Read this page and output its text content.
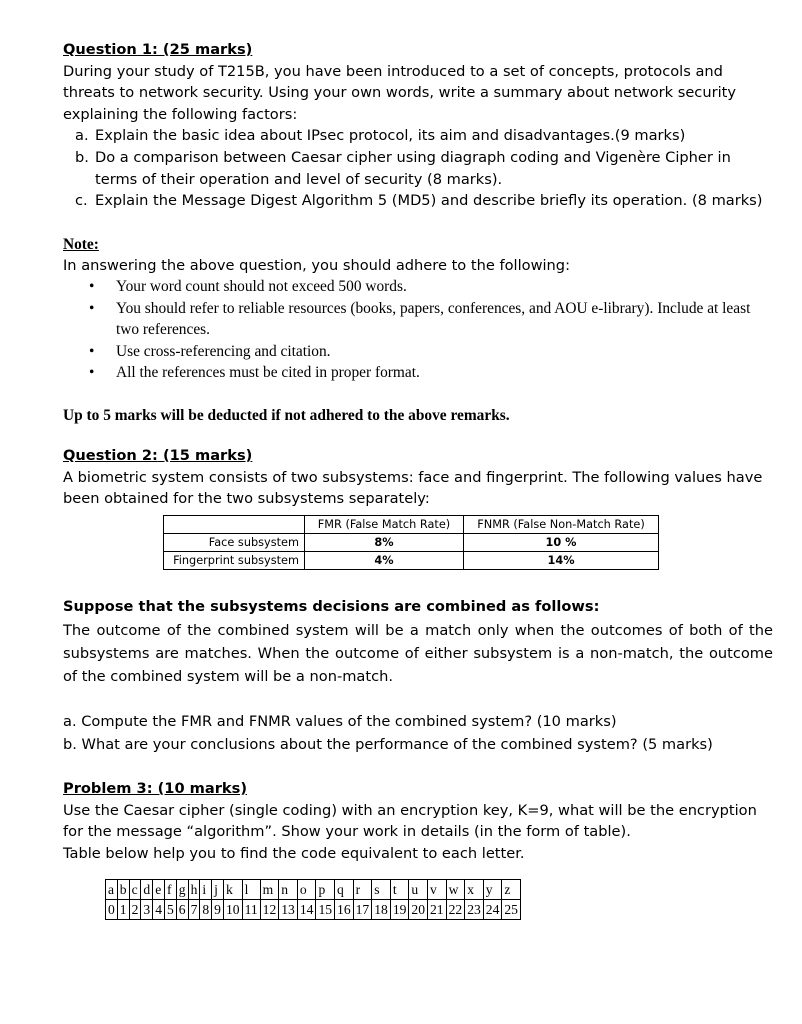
Question 1: (25 marks)

During your study of T215B, you have been introduced to a set of concepts, protocols and threats to network security. Using your own words, write a summary about network security explaining the following factors:

a. Explain the basic idea about IPsec protocol, its aim and disadvantages.(9 marks)
b. Do a comparison between Caesar cipher using diagraph coding and Vigenère Cipher in terms of their operation and level of security (8 marks).
c. Explain the Message Digest Algorithm 5 (MD5) and describe briefly its operation. (8 marks)
Note:
In answering the above question, you should adhere to the following:
• Your word count should not exceed 500 words.
• You should refer to reliable resources (books, papers, conferences, and AOU e-library). Include at least two references.
• Use cross-referencing and citation.
• All the references must be cited in proper format.
Up to 5 marks will be deducted if not adhered to the above remarks.

Question 2: (15 marks)

A biometric system consists of two subsystems: face and fingerprint. The following values have been obtained for the two subsystems separately:

	FMR (False Match Rate)	FNMR (False Non-Match Rate)
Face subsystem	8%	10 %
Fingerprint subsystem	4%	14%
Suppose that the subsystems decisions are combined as follows:
The outcome of the combined system will be a match only when the outcomes of both of the subsystems are matches. When the outcome of either subsystem is a non-match, the outcome of the combined system will be a non-match.

a. Compute the FMR and FNMR values of the combined system? (10 marks)

b. What are your conclusions about the performance of the combined system? (5 marks)

Problem 3: (10 marks)

Use the Caesar cipher (single coding) with an encryption key, K=9, what will be the encryption for the message “algorithm”. Show your work in details (in the form of table).

Table below help you to find the code equivalent to each letter.

a	b	c	d	e	f	g	h	i	j	k	l	m	n	o	p	q	r	s	t	u	v	w	x	y	z
0	1	2	3	4	5	6	7	8	9	10	11	12	13	14	15	16	17	18	19	20	21	22	23	24	25
